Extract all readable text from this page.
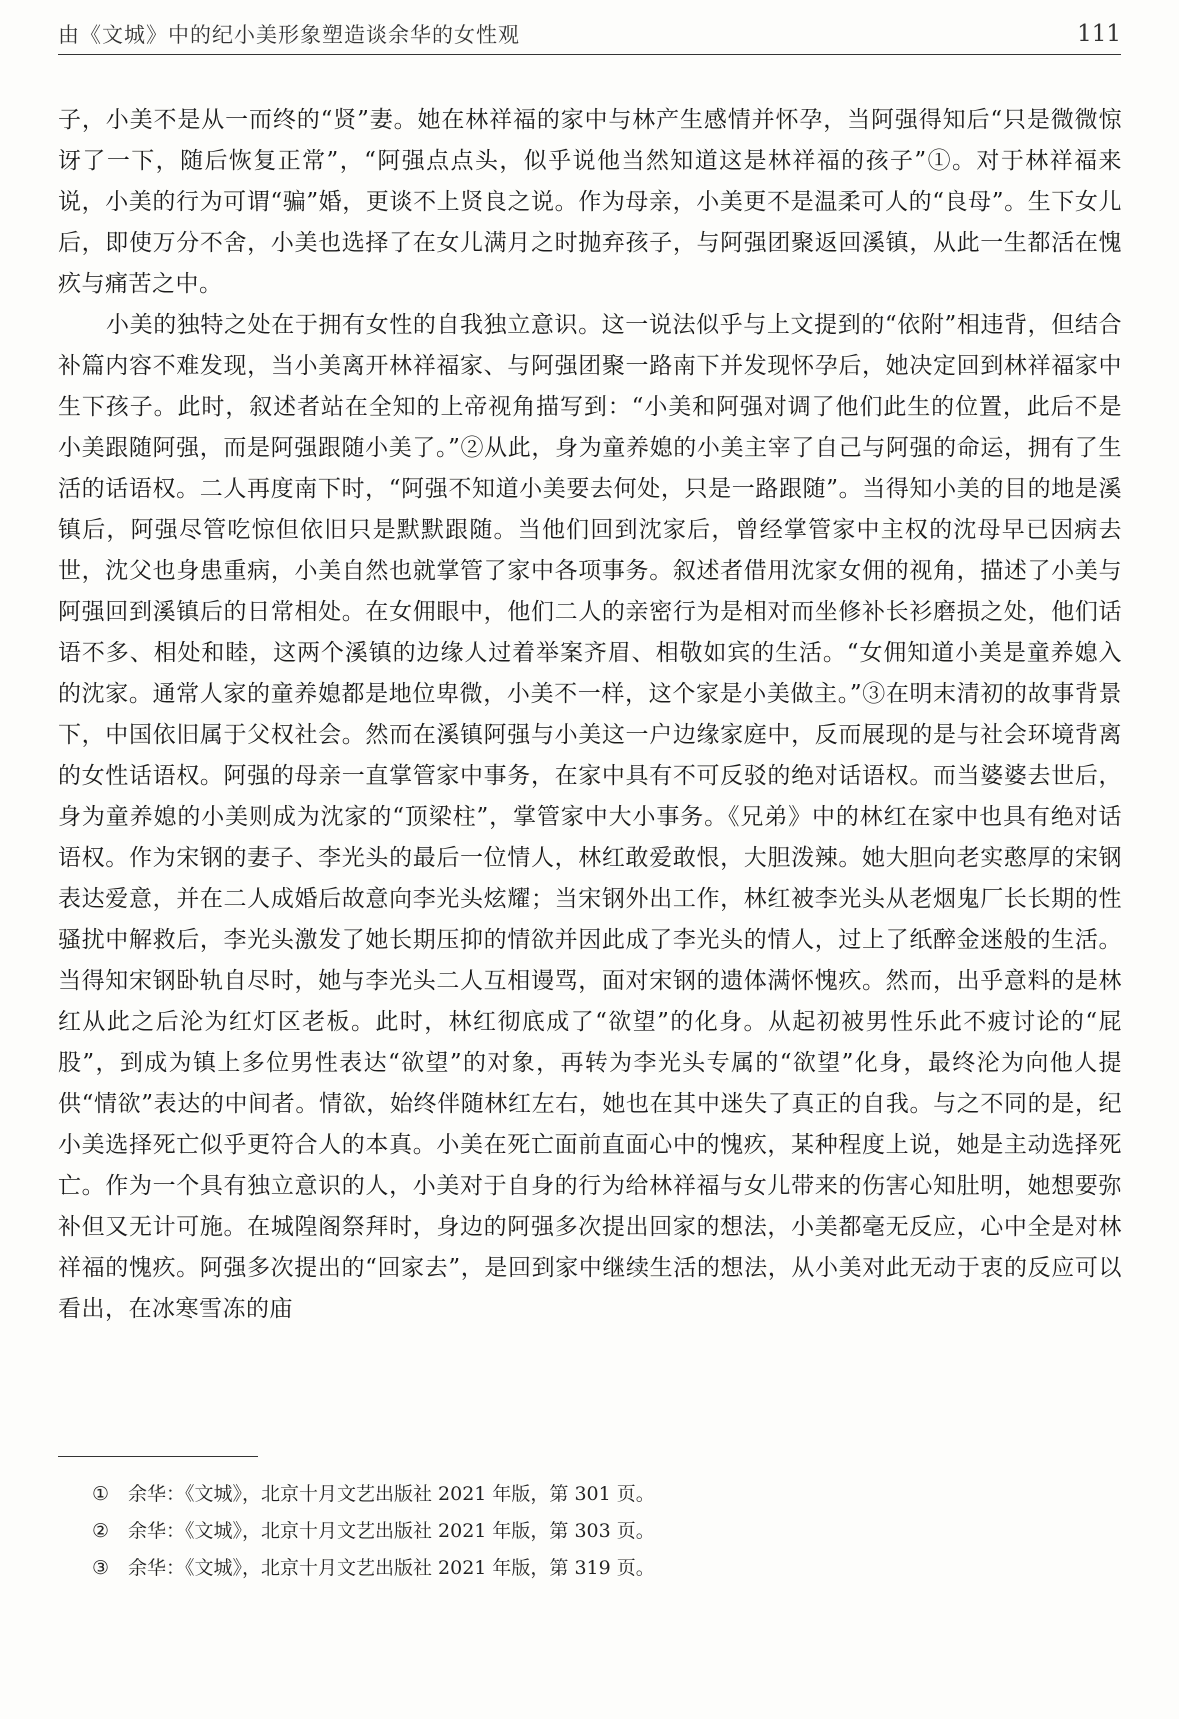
由《文城》中的纪小美形象塑造谈余华的女性观	111

子，小美不是从一而终的“贤”妻。她在林祥福的家中与林产生感情并怀孕，当阿强得知后“只是微微惊讶了一下，随后恢复正常”，“阿强点点头，似乎说他当然知道这是林祥福的孩子”①。对于林祥福来说，小美的行为可谓“骗”婚，更谈不上贤良之说。作为母亲，小美更不是温柔可人的“良母”。生下女儿后，即使万分不舍，小美也选择了在女儿满月之时抛弃孩子，与阿强团聚返回溪镇，从此一生都活在愧疚与痛苦之中。

小美的独特之处在于拥有女性的自我独立意识。这一说法似乎与上文提到的“依附”相违背，但结合补篇内容不难发现，当小美离开林祥福家、与阿强团聚一路南下并发现怀孕后，她决定回到林祥福家中生下孩子。此时，叙述者站在全知的上帝视角描写到：“小美和阿强对调了他们此生的位置，此后不是小美跟随阿强，而是阿强跟随小美了。”②从此，身为童养媳的小美主宰了自己与阿强的命运，拥有了生活的话语权。二人再度南下时，“阿强不知道小美要去何处，只是一路跟随”。当得知小美的目的地是溪镇后，阿强尽管吃惊但依旧只是默默跟随。当他们回到沈家后，曾经掌管家中主权的沈母早已因病去世，沈父也身患重病，小美自然也就掌管了家中各项事务。叙述者借用沈家女佣的视角，描述了小美与阿强回到溪镇后的日常相处。在女佣眼中，他们二人的亲密行为是相对而坐修补长衫磨损之处，他们话语不多、相处和睦，这两个溪镇的边缘人过着举案齐眉、相敬如宾的生活。“女佣知道小美是童养媳入的沈家。通常人家的童养媳都是地位卑微，小美不一样，这个家是小美做主。”③在明末清初的故事背景下，中国依旧属于父权社会。然而在溪镇阿强与小美这一户边缘家庭中，反而展现的是与社会环境背离的女性话语权。阿强的母亲一直掌管家中事务，在家中具有不可反驳的绝对话语权。而当婆婆去世后，身为童养媳的小美则成为沈家的“顶梁柱”，掌管家中大小事务。《兄弟》中的林红在家中也具有绝对话语权。作为宋钢的妻子、李光头的最后一位情人，林红敢爱敢恨，大胆泼辣。她大胆向老实憨厚的宋钢表达爱意，并在二人成婚后故意向李光头炫耀；当宋钢外出工作，林红被李光头从老烟鬼厂长长期的性骚扰中解救后，李光头激发了她长期压抑的情欲并因此成了李光头的情人，过上了纸醉金迷般的生活。当得知宋钢卧轨自尽时，她与李光头二人互相谩骂，面对宋钢的遗体满怀愧疚。然而，出乎意料的是林红从此之后沦为红灯区老板。此时，林红彻底成了“欲望”的化身。从起初被男性乐此不疲讨论的“屁股”，到成为镇上多位男性表达“欲望”的对象，再转为李光头专属的“欲望”化身，最终沦为向他人提供“情欲”表达的中间者。情欲，始终伴随林红左右，她也在其中迷失了真正的自我。与之不同的是，纪小美选择死亡似乎更符合人的本真。小美在死亡面前直面心中的愧疚，某种程度上说，她是主动选择死亡。作为一个具有独立意识的人，小美对于自身的行为给林祥福与女儿带来的伤害心知肚明，她想要弥补但又无计可施。在城隍阁祭拜时，身边的阿强多次提出回家的想法，小美都毫无反应，心中全是对林祥福的愧疚。阿强多次提出的“回家去”，是回到家中继续生活的想法，从小美对此无动于衷的反应可以看出，在冰寒雪冻的庙

① 余华：《文城》，北京十月文艺出版社 2021 年版，第 301 页。
② 余华：《文城》，北京十月文艺出版社 2021 年版，第 303 页。
③ 余华：《文城》，北京十月文艺出版社 2021 年版，第 319 页。
